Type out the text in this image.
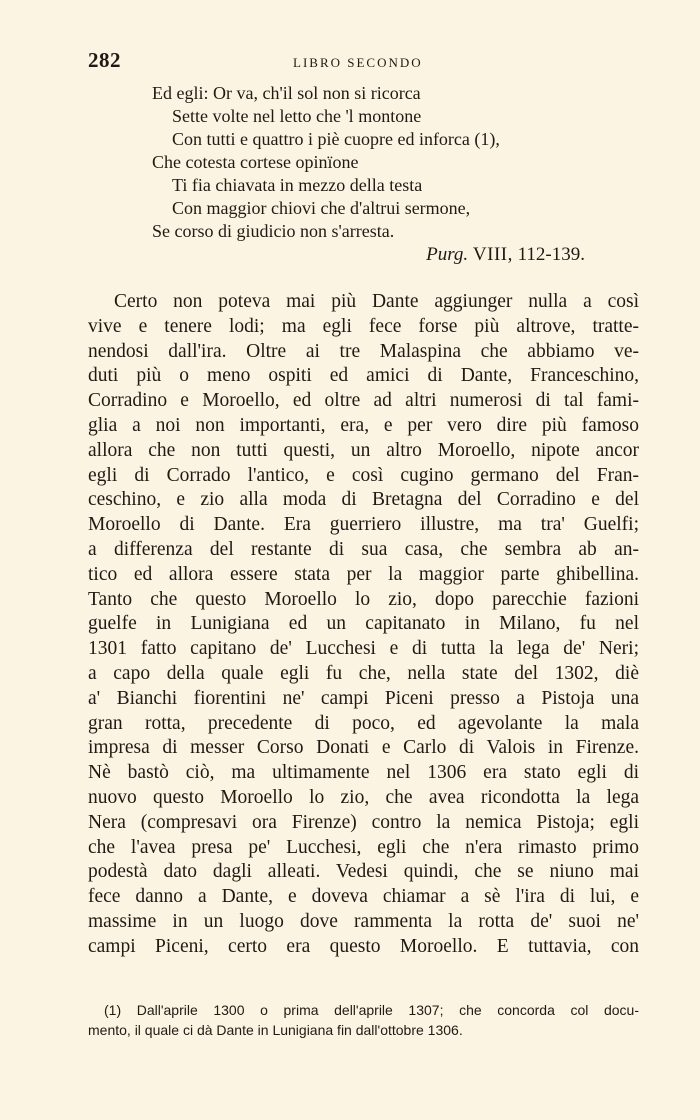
282	LIBRO SECONDO
Ed egli: Or va, ch'il sol non si ricorca
Sette volte nel letto che 'l montone
Con tutti e quattro i piè cuopre ed inforca (1),
Che cotesta cortese opinïone
Ti fia chiavata in mezzo della testa
Con maggior chiovi che d'altrui sermone,
Se corso di giudicio non s'arresta.
Purg. VIII, 112-139.
Certo non poteva mai più Dante aggiunger nulla a così
vive e tenere lodi; ma egli fece forse più altrove, tratte-
nendosi dall'ira. Oltre ai tre Malaspina che abbiamo ve-
duti più o meno ospiti ed amici di Dante, Franceschino,
Corradino e Moroello, ed oltre ad altri numerosi di tal fami-
glia a noi non importanti, era, e per vero dire più famoso
allora che non tutti questi, un altro Moroello, nipote ancor
egli di Corrado l'antico, e così cugino germano del Fran-
ceschino, e zio alla moda di Bretagna del Corradino e del
Moroello di Dante. Era guerriero illustre, ma tra' Guelfi;
a differenza del restante di sua casa, che sembra ab an-
tico ed allora essere stata per la maggior parte ghibellina.
Tanto che questo Moroello lo zio, dopo parecchie fazioni
guelfe in Lunigiana ed un capitanato in Milano, fu nel
1301 fatto capitano de' Lucchesi e di tutta la lega de' Neri;
a capo della quale egli fu che, nella state del 1302, diè
a' Bianchi fiorentini ne' campi Piceni presso a Pistoja una
gran rotta, precedente di poco, ed agevolante la mala
impresa di messer Corso Donati e Carlo di Valois in Firenze.
Nè bastò ciò, ma ultimamente nel 1306 era stato egli di
nuovo questo Moroello lo zio, che avea ricondotta la lega
Nera (compresavi ora Firenze) contro la nemica Pistoja; egli
che l'avea presa pe' Lucchesi, egli che n'era rimasto primo
podestà dato dagli alleati. Vedesi quindi, che se niuno mai
fece danno a Dante, e doveva chiamar a sè l'ira di lui, e
massime in un luogo dove rammenta la rotta de' suoi ne'
campi Piceni, certo era questo Moroello. E tuttavia, con
(1) Dall'aprile 1300 o prima dell'aprile 1307; che concorda col docu-
mento, il quale ci dà Dante in Lunigiana fin dall'ottobre 1306.
